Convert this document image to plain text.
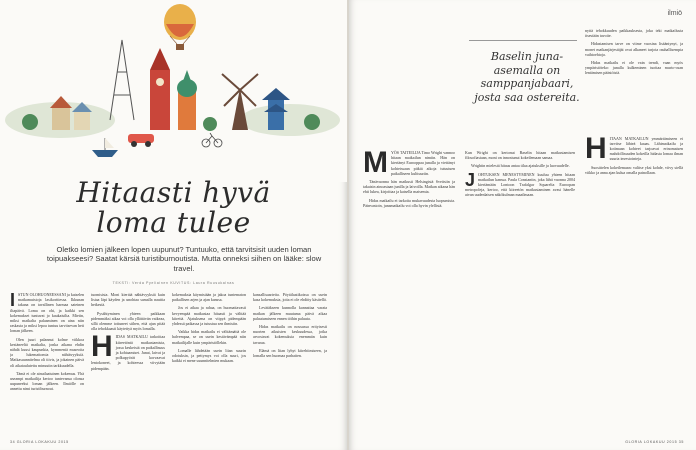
Hitaasti hyvä
loma tulee
Oletko lomien jälkeen lopen uupunut? Tuntuuko, että tarvitsisit uuden loman toipuakseesi? Saatat kärsiä turistiburnoutista. Mutta onneksi siihen on lääke: slow travel.
TEKSTI: Verda Pyeliainen KUVITUS: Laura Ruusukalnas

ISTUN OLOHUONEESSANI ja katselen matkamuistoja lasikorttiessa. Ikkunan takana on tavallinen harmaa sateinen iltapäivä. Loma on ohi, ja kaikki sen kokemukset tuntuvat jo kaukaisilta. Mietin, miksi matkalta palaaminen on aina niin raskasta ja miksi lepoa tuntuu tarvitsevan heti loman jälkeen.

Olen juuri palannut kolme viikkoa kestäneeltä matkalta, jonka aikana ehdin nähdä kuusi kaupunkia, kymmeniä museoita ja lukemattomia nähtävyyksiä. Matkasuunnitelma oli tiivis, ja jokainen päivä oli aikataulutettu minuutin tarkkuudella.

Tämä ei ole ainutlaatuinen kokemus. Yhä useampi matkailija kertoo tuntevansa olonsa uupuneeksi loman jälkeen. Ilmiölle on annettu nimi turistiburnout.

tuomisista. Moni kiertää nähtävyyksiä kuin listaa läpi käyden ja unohtaa samalla nauttia hetkestä.

Pysähtyminen yhteen paikkaan pidemmäksi aikaa voi olla yllättävän vaikeaa, sillä olemme tottuneet siihen, että ajan pitää olla tehokkaasti käytettyä myös lomalla.

HIDAS MATKAILU tarkoittaa kiireetöntä matkustamista, jossa keskeistä on paikallisuus ja kohtaamiset. Junat, laivat ja polkupyörät korvaavat lentokoneet, ja kohteessa viivytään pidempään.

kokemuksia käymistään ja jakoa tuntematon paikallisen arjen ja ajan kanssa.

Jos ei aikaa ja rahaa, on huomattavasti kevyempää matkustaa hitaasti ja välttää kiirettä. Ajatuksena on viipyä pidempään yhdessä paikassa ja tutustua sen ihmisiin.

Vaikka hidas matkailu ei välttämättä ole halvempaa, se on usein kestävämpää niin matkailijalle kuin ympäristöllekin.

Lomalle lähdetään usein liian suurin odotuksin, ja pettymys voi olla suuri, jos kaikki ei mene suunnitelmien mukaan.

kansallisaarteita. Pöytälaatikoissa on usein kasa kokemuksia, joita ei ole ehditty käsitellä.

Levätäkseen kunnolla kannattaa varata matkan jälkeen muutama päivä aikaa palautumiseen ennen töihin paluuta.

Hidas matkailu on nousussa erityisesti nuorten aikuisten keskuudessa, jotka arvostavat kokemuksia enemmän kuin tavaraa.

Elämä on liian lyhyt kiirehtimiseen, ja lomalla sen huomaa parhaiten.

34 GLORIA LOKAKUU 2015
ilmiö
Baselin juna-asemalla on samppanjabaari, josta saa ostereita.

MYÖS TAITEILIJA Timo Wright vannoo hitaan matkailun nimiin. Hän on kiertänyt Eurooppaa junalla ja viettänyt kohteissaan pitkiä aikoja tutustuen paikalliseen kulttuuriin.

Tänävuonna hän matkusti Helsingistä Sveitsiin ja takaisin ainoastaan junilla ja laivoilla. Matkan aikana hän ehti lukea, kirjoittaa ja katsella maisemia.

Hidas matkailu ei tarkoita mukavuudesta luopumista. Päinvastoin, junamatkailu voi olla hyvin ylellistä.

Kun Wright on kertonut Baselin hitaan matkustamisen filosofiastaan, moni on innostunut kokeilemaan samaa.

Wrightin mielestä hitaus antaa tilaa ajatuksille ja luovuudelle.

JOHTUKSEN MENESTYMINEN kuuluu yhteen hitaan matkailun kanssa. Paula Constantin, joka lähti vuonna 2004 kiertämään Lontoon Trafalgar Squarelta Euroopan metropoleja, kertoo, että kiireetön matkustaminen avasi hänelle aivan uudenlaisen näkökulman maailmaan.

nyttä tehokkuuden paikkauksesta, joka teki matkailusta itsestään tavoite.

Hidastamisen tarve on viime vuosina lisääntynyt, ja monet matkanjärjestäjät ovat alkaneet tarjota rauhallisempia vaihtoehtoja.

Hidas matkailu ei ole vain trendi, vaan myös ympäristöteko: junalla kulkeminen tuottaa murto-osan lentämisen päästöistä.

HITAAN MATKAILUN ymmärtämiseen ei tarvitse lähteä kauas. Lähimatkailu ja kotimaan kohteet tarjoavat erinomaisen mahdollisuuden kokeilla hidasta lomaa ilman suuria investointeja.

Suosittelen kokeilemaan: valitse yksi kohde, viivy siellä viikko ja anna ajan kulua omalla painollaan.

GLORIA LOKAKUU 2015 35
